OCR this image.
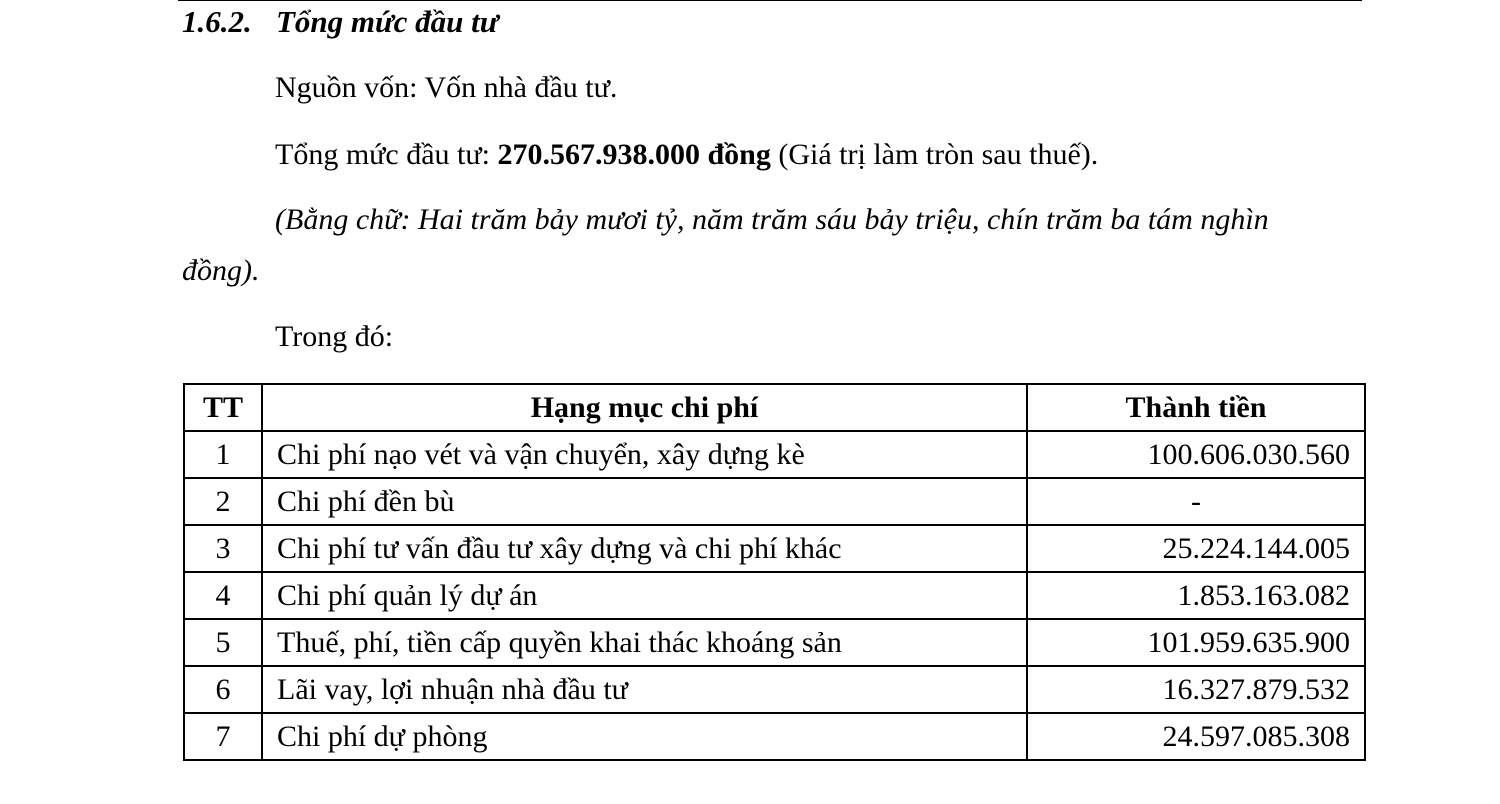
1.6.2. Tổng mức đầu tư
Nguồn vốn: Vốn nhà đầu tư.
Tổng mức đầu tư: 270.567.938.000 đồng (Giá trị làm tròn sau thuế).
(Bằng chữ: Hai trăm bảy mươi tỷ, năm trăm sáu bảy triệu, chín trăm ba tám nghìn
đồng).
Trong đó:
TT	Hạng mục chi phí	Thành tiền
1	Chi phí nạo vét và vận chuyển, xây dựng kè	100.606.030.560
2	Chi phí đền bù	-
3	Chi phí tư vấn đầu tư xây dựng và chi phí khác	25.224.144.005
4	Chi phí quản lý dự án	1.853.163.082
5	Thuế, phí, tiền cấp quyền khai thác khoáng sản	101.959.635.900
6	Lãi vay, lợi nhuận nhà đầu tư	16.327.879.532
7	Chi phí dự phòng	24.597.085.308
